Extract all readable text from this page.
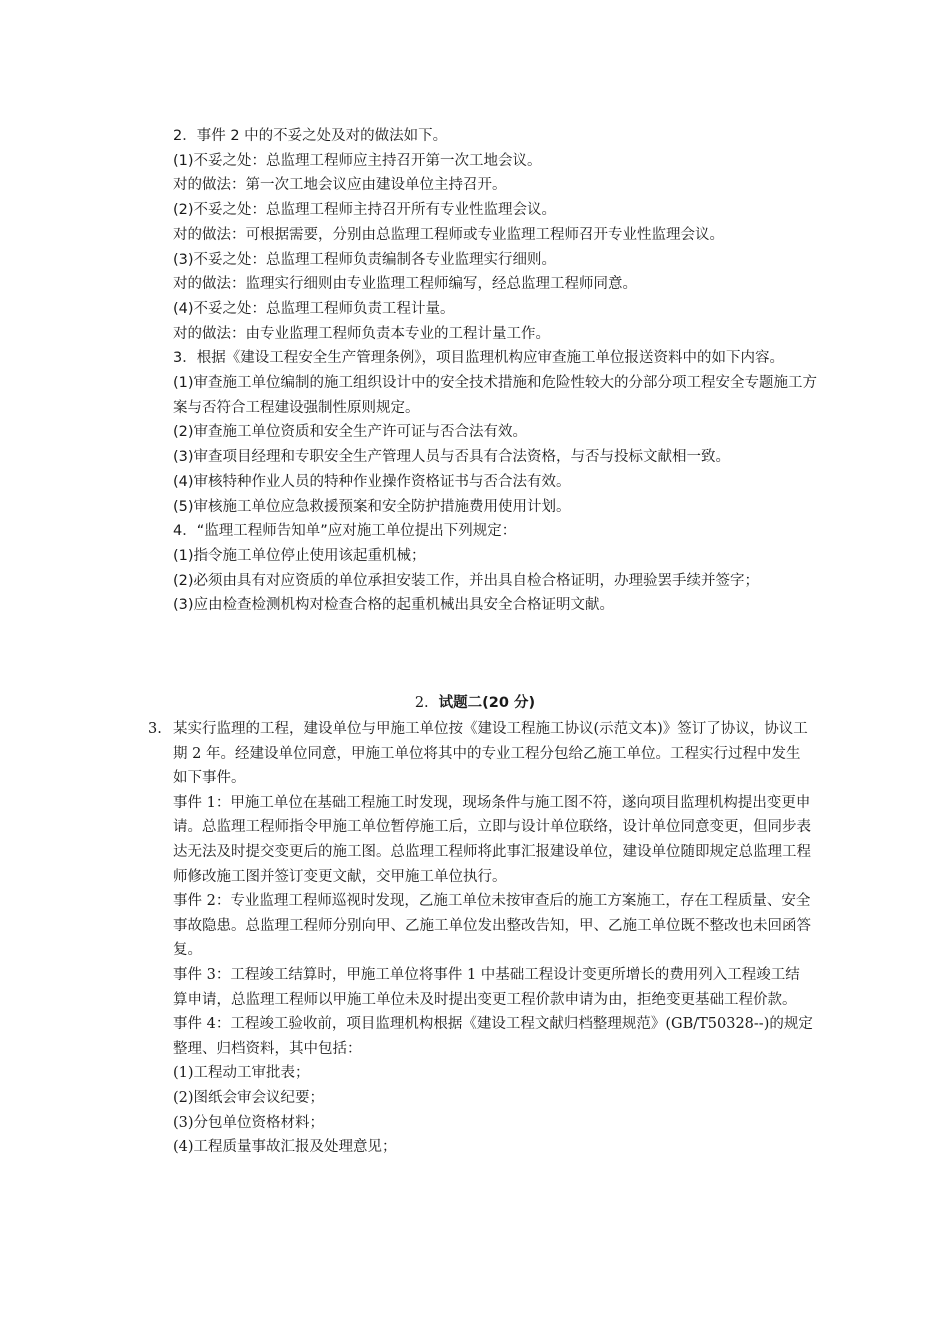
2．事件 2 中的不妥之处及对的做法如下。
(1)不妥之处：总监理工程师应主持召开第一次工地会议。
对的做法：第一次工地会议应由建设单位主持召开。
(2)不妥之处：总监理工程师主持召开所有专业性监理会议。
对的做法：可根据需要，分别由总监理工程师或专业监理工程师召开专业性监理会议。
(3)不妥之处：总监理工程师负责编制各专业监理实行细则。
对的做法：监理实行细则由专业监理工程师编写，经总监理工程师同意。
(4)不妥之处：总监理工程师负责工程计量。
对的做法：由专业监理工程师负责本专业的工程计量工作。
3．根据《建设工程安全生产管理条例》，项目监理机构应审查施工单位报送资料中的如下内容。
(1)审查施工单位编制的施工组织设计中的安全技术措施和危险性较大的分部分项工程安全专题施工方案与否符合工程建设强制性原则规定。
(2)审查施工单位资质和安全生产许可证与否合法有效。
(3)审查项目经理和专职安全生产管理人员与否具有合法资格，与否与投标文献相一致。
(4)审核特种作业人员的特种作业操作资格证书与否合法有效。
(5)审核施工单位应急救援预案和安全防护措施费用使用计划。
4．“监理工程师告知单”应对施工单位提出下列规定：
(1)指令施工单位停止使用该起重机械；
(2)必须由具有对应资质的单位承担安装工作，并出具自检合格证明，办理验罢手续并签字；
(3)应由检查检测机构对检查合格的起重机械出具安全合格证明文献。
2. 试题二(20 分)
3. 某实行监理的工程，建设单位与甲施工单位按《建设工程施工协议(示范文本)》签订了协议，协议工期 2 年。经建设单位同意，甲施工单位将其中的专业工程分包给乙施工单位。工程实行过程中发生如下事件。
事件 1：甲施工单位在基础工程施工时发现，现场条件与施工图不符，遂向项目监理机构提出变更申请。总监理工程师指令甲施工单位暂停施工后，立即与设计单位联络，设计单位同意变更，但同步表达无法及时提交变更后的施工图。总监理工程师将此事汇报建设单位，建设单位随即规定总监理工程师修改施工图并签订变更文献，交甲施工单位执行。
事件 2：专业监理工程师巡视时发现，乙施工单位未按审查后的施工方案施工，存在工程质量、安全事故隐患。总监理工程师分别向甲、乙施工单位发出整改告知，甲、乙施工单位既不整改也未回函答复。
事件 3：工程竣工结算时，甲施工单位将事件 1 中基础工程设计变更所增长的费用列入工程竣工结算申请，总监理工程师以甲施工单位未及时提出变更工程价款申请为由，拒绝变更基础工程价款。
事件 4：工程竣工验收前，项目监理机构根据《建设工程文献归档整理规范》(GB/T50328--)的规定整理、归档资料，其中包括：
(1)工程动工审批表；
(2)图纸会审会议纪要；
(3)分包单位资格材料；
(4)工程质量事故汇报及处理意见；
